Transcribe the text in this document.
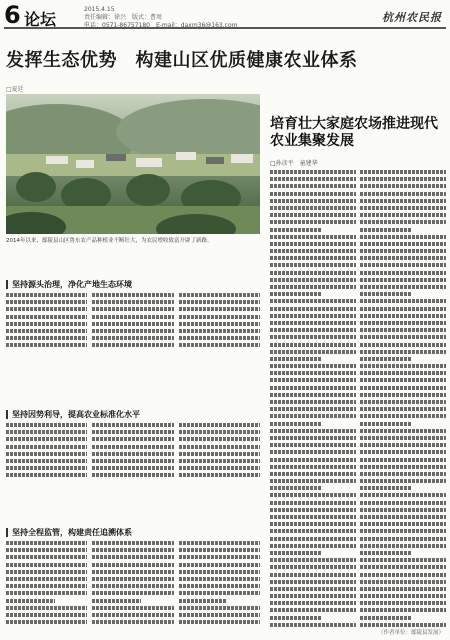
6 论坛
2015.4.15
责任编辑：徐兴　版式：曹周
电话：0571-86757180　E-mail：daxm36@163.com
杭州农民报
发挥生态优势　构建山区优质健康农业体系
□夏廷
2014年以来，鄢陵县山区鲁东农产品种植业不断壮大，为农民增收致富开辟了新路。
培育壮大家庭农场推进现代农业集聚发展
□孙彦平　童建华
坚持源头治理，净化产地生态环境
坚持因势利导，提高农业标准化水平
坚持全程监管，构建责任追溯体系
（作者单位：鄢陵县发展）
